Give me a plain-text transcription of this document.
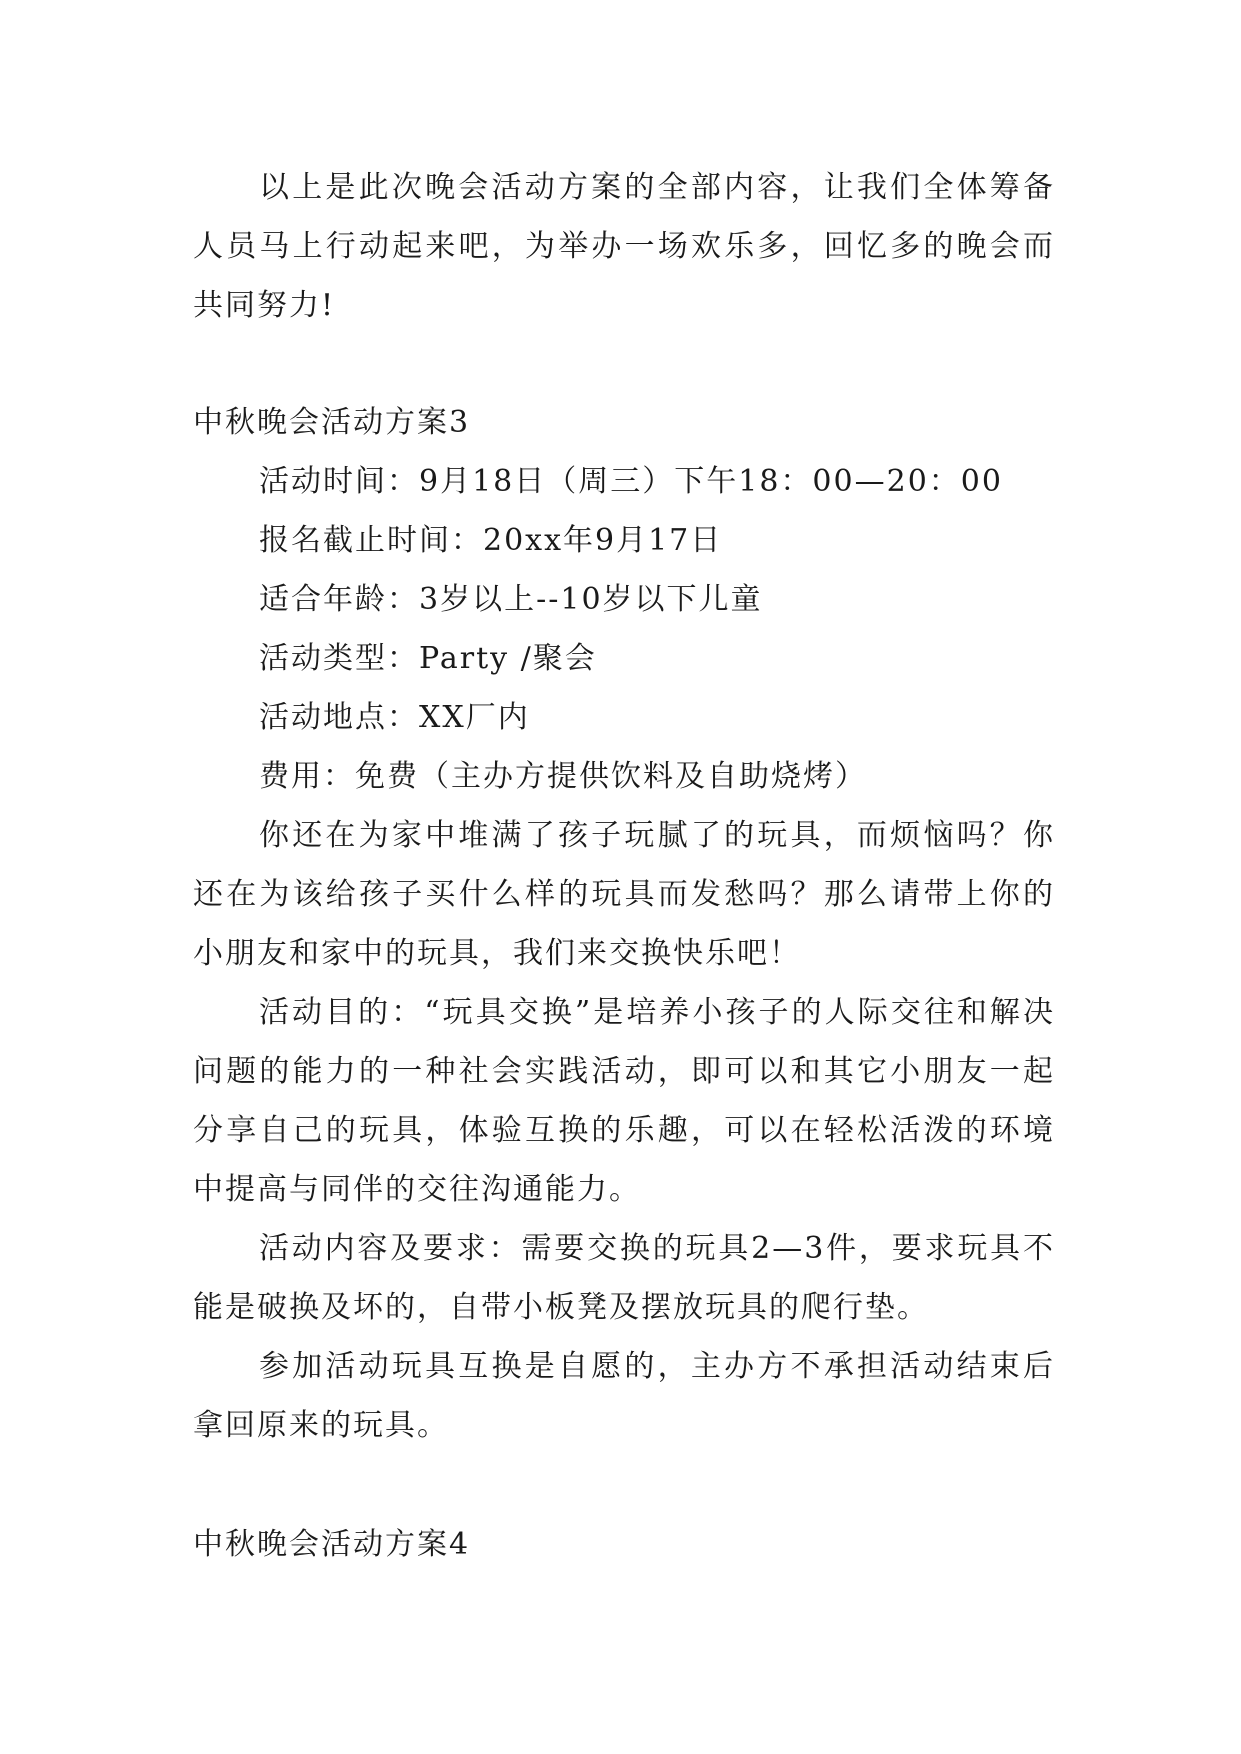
以上是此次晚会活动方案的全部内容，让我们全体筹备人员马上行动起来吧，为举办一场欢乐多，回忆多的晚会而共同努力!

中秋晚会活动方案3

活动时间：9月18日（周三）下午18：00—20：00

报名截止时间：20xx年9月17日

适合年龄：3岁以上--10岁以下儿童

活动类型：Party /聚会

活动地点：XX厂内

费用：免费（主办方提供饮料及自助烧烤）

你还在为家中堆满了孩子玩腻了的玩具，而烦恼吗？你还在为该给孩子买什么样的玩具而发愁吗？那么请带上你的小朋友和家中的玩具，我们来交换快乐吧！

活动目的：“玩具交换”是培养小孩子的人际交往和解决问题的能力的一种社会实践活动，即可以和其它小朋友一起分享自己的玩具，体验互换的乐趣，可以在轻松活泼的环境中提高与同伴的交往沟通能力。

活动内容及要求：需要交换的玩具2—3件，要求玩具不能是破换及坏的，自带小板凳及摆放玩具的爬行垫。

参加活动玩具互换是自愿的，主办方不承担活动结束后拿回原来的玩具。

中秋晚会活动方案4
